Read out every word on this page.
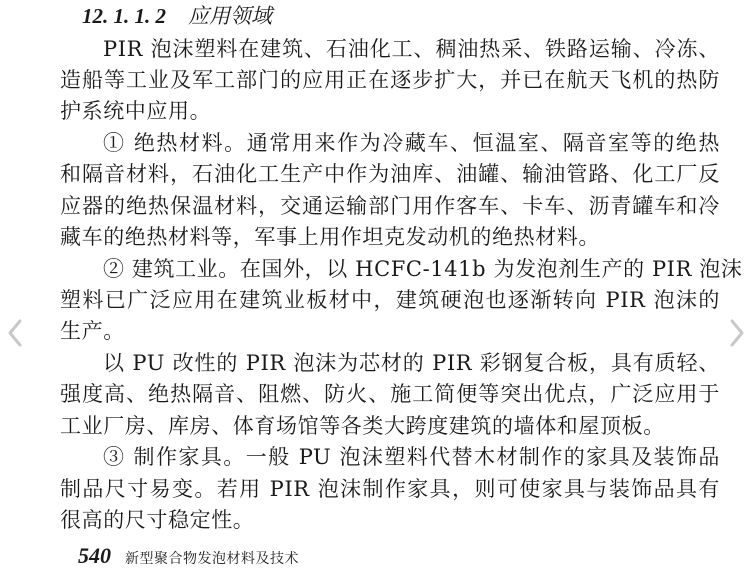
12. 1. 1. 2 应用领域
PIR 泡沫塑料在建筑、石油化工、稠油热采、铁路运输、冷冻、
造船等工业及军工部门的应用正在逐步扩大，并已在航天飞机的热防
护系统中应用。
① 绝热材料。通常用来作为冷藏车、恒温室、隔音室等的绝热
和隔音材料，石油化工生产中作为油库、油罐、输油管路、化工厂反
应器的绝热保温材料，交通运输部门用作客车、卡车、沥青罐车和冷
藏车的绝热材料等，军事上用作坦克发动机的绝热材料。
② 建筑工业。在国外，以 HCFC-141b 为发泡剂生产的 PIR 泡沫
塑料已广泛应用在建筑业板材中，建筑硬泡也逐渐转向 PIR 泡沫的
生产。
以 PU 改性的 PIR 泡沫为芯材的 PIR 彩钢复合板，具有质轻、
强度高、绝热隔音、阻燃、防火、施工简便等突出优点，广泛应用于
工业厂房、库房、体育场馆等各类大跨度建筑的墙体和屋顶板。
③ 制作家具。一般 PU 泡沫塑料代替木材制作的家具及装饰品
制品尺寸易变。若用 PIR 泡沫制作家具，则可使家具与装饰品具有
很高的尺寸稳定性。
540 新型聚合物发泡材料及技术
